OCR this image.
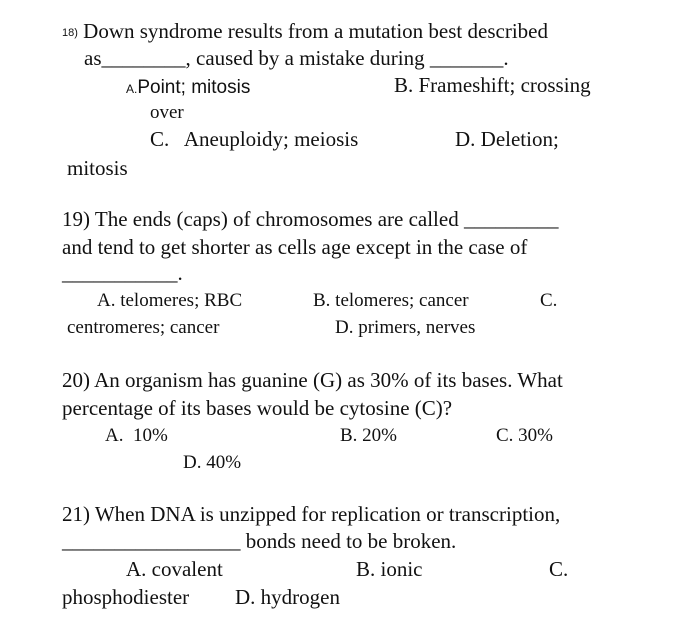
18) Down syndrome results from a mutation best described
as________, caused by a mistake during _______.
A.Point; mitosis	B. Frameshift; crossing
over
C.   Aneuploidy; meiosis	D. Deletion;
mitosis
19) The ends (caps) of chromosomes are called _________
and tend to get shorter as cells age except in the case of
___________.
A. telomeres; RBC	B. telomeres; cancer	C.
centromeres; cancer	D. primers, nerves
20) An organism has guanine (G) as 30% of its bases. What
percentage of its bases would be cytosine (C)?
A.  10%	B. 20%	C. 30%
D. 40%
21) When DNA is unzipped for replication or transcription,
_________________ bonds need to be broken.
A. covalent	B. ionic	C.
phosphodiester D. hydrogen
